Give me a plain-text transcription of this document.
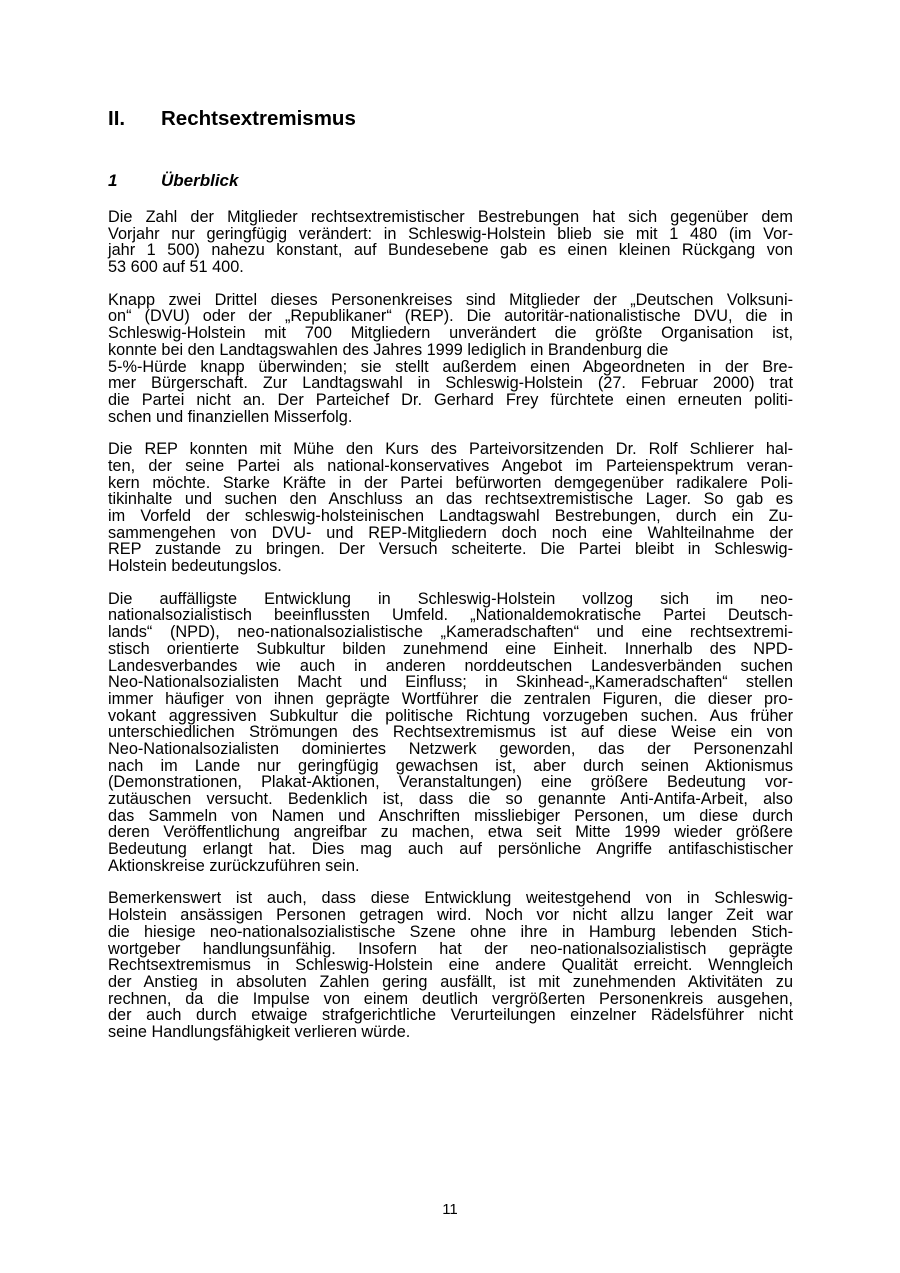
II. Rechtsextremismus
1	Überblick
Die Zahl der Mitglieder rechtsextremistischer Bestrebungen hat sich gegenüber dem
Vorjahr nur geringfügig verändert: in Schleswig-Holstein blieb sie mit 1 480 (im Vor-
jahr 1 500) nahezu konstant, auf Bundesebene gab es einen kleinen Rückgang von
53 600 auf 51 400.
Knapp zwei Drittel dieses Personenkreises sind Mitglieder der „Deutschen Volksuni-
on“ (DVU) oder der „Republikaner“ (REP). Die autoritär-nationalistische DVU, die in
Schleswig-Holstein mit 700 Mitgliedern unverändert die größte Organisation ist,
konnte bei den Landtagswahlen des Jahres 1999 lediglich in Brandenburg die
5-%-Hürde knapp überwinden; sie stellt außerdem einen Abgeordneten in der Bre-
mer Bürgerschaft. Zur Landtagswahl in Schleswig-Holstein (27. Februar 2000) trat
die Partei nicht an. Der Parteichef Dr. Gerhard Frey fürchtete einen erneuten politi-
schen und finanziellen Misserfolg.
Die REP konnten mit Mühe den Kurs des Parteivorsitzenden Dr. Rolf Schlierer hal-
ten, der seine Partei als national-konservatives Angebot im Parteienspektrum veran-
kern möchte. Starke Kräfte in der Partei befürworten demgegenüber radikalere Poli-
tikinhalte und suchen den Anschluss an das rechtsextremistische Lager. So gab es
im Vorfeld der schleswig-holsteinischen Landtagswahl Bestrebungen, durch ein Zu-
sammengehen von DVU- und REP-Mitgliedern doch noch eine Wahlteilnahme der
REP zustande zu bringen. Der Versuch scheiterte. Die Partei bleibt in Schleswig-
Holstein bedeutungslos.
Die auffälligste Entwicklung in Schleswig-Holstein vollzog sich im neo-
nationalsozialistisch beeinflussten Umfeld. „Nationaldemokratische Partei Deutsch-
lands“ (NPD), neo-nationalsozialistische „Kameradschaften“ und eine rechtsextremi-
stisch orientierte Subkultur bilden zunehmend eine Einheit. Innerhalb des NPD-
Landesverbandes wie auch in anderen norddeutschen Landesverbänden suchen
Neo-Nationalsozialisten Macht und Einfluss; in Skinhead-„Kameradschaften“ stellen
immer häufiger von ihnen geprägte Wortführer die zentralen Figuren, die dieser pro-
vokant aggressiven Subkultur die politische Richtung vorzugeben suchen. Aus früher
unterschiedlichen Strömungen des Rechtsextremismus ist auf diese Weise ein von
Neo-Nationalsozialisten dominiertes Netzwerk geworden, das der Personenzahl
nach im Lande nur geringfügig gewachsen ist, aber durch seinen Aktionismus
(Demonstrationen, Plakat-Aktionen, Veranstaltungen) eine größere Bedeutung vor-
zutäuschen versucht. Bedenklich ist, dass die so genannte Anti-Antifa-Arbeit, also
das Sammeln von Namen und Anschriften missliebiger Personen, um diese durch
deren Veröffentlichung angreifbar zu machen, etwa seit Mitte 1999 wieder größere
Bedeutung erlangt hat. Dies mag auch auf persönliche Angriffe antifaschistischer
Aktionskreise zurückzuführen sein.
Bemerkenswert ist auch, dass diese Entwicklung weitestgehend von in Schleswig-
Holstein ansässigen Personen getragen wird. Noch vor nicht allzu langer Zeit war
die hiesige neo-nationalsozialistische Szene ohne ihre in Hamburg lebenden Stich-
wortgeber handlungsunfähig. Insofern hat der neo-nationalsozialistisch geprägte
Rechtsextremismus in Schleswig-Holstein eine andere Qualität erreicht. Wenngleich
der Anstieg in absoluten Zahlen gering ausfällt, ist mit zunehmenden Aktivitäten zu
rechnen, da die Impulse von einem deutlich vergrößerten Personenkreis ausgehen,
der auch durch etwaige strafgerichtliche Verurteilungen einzelner Rädelsführer nicht
seine Handlungsfähigkeit verlieren würde.
11
